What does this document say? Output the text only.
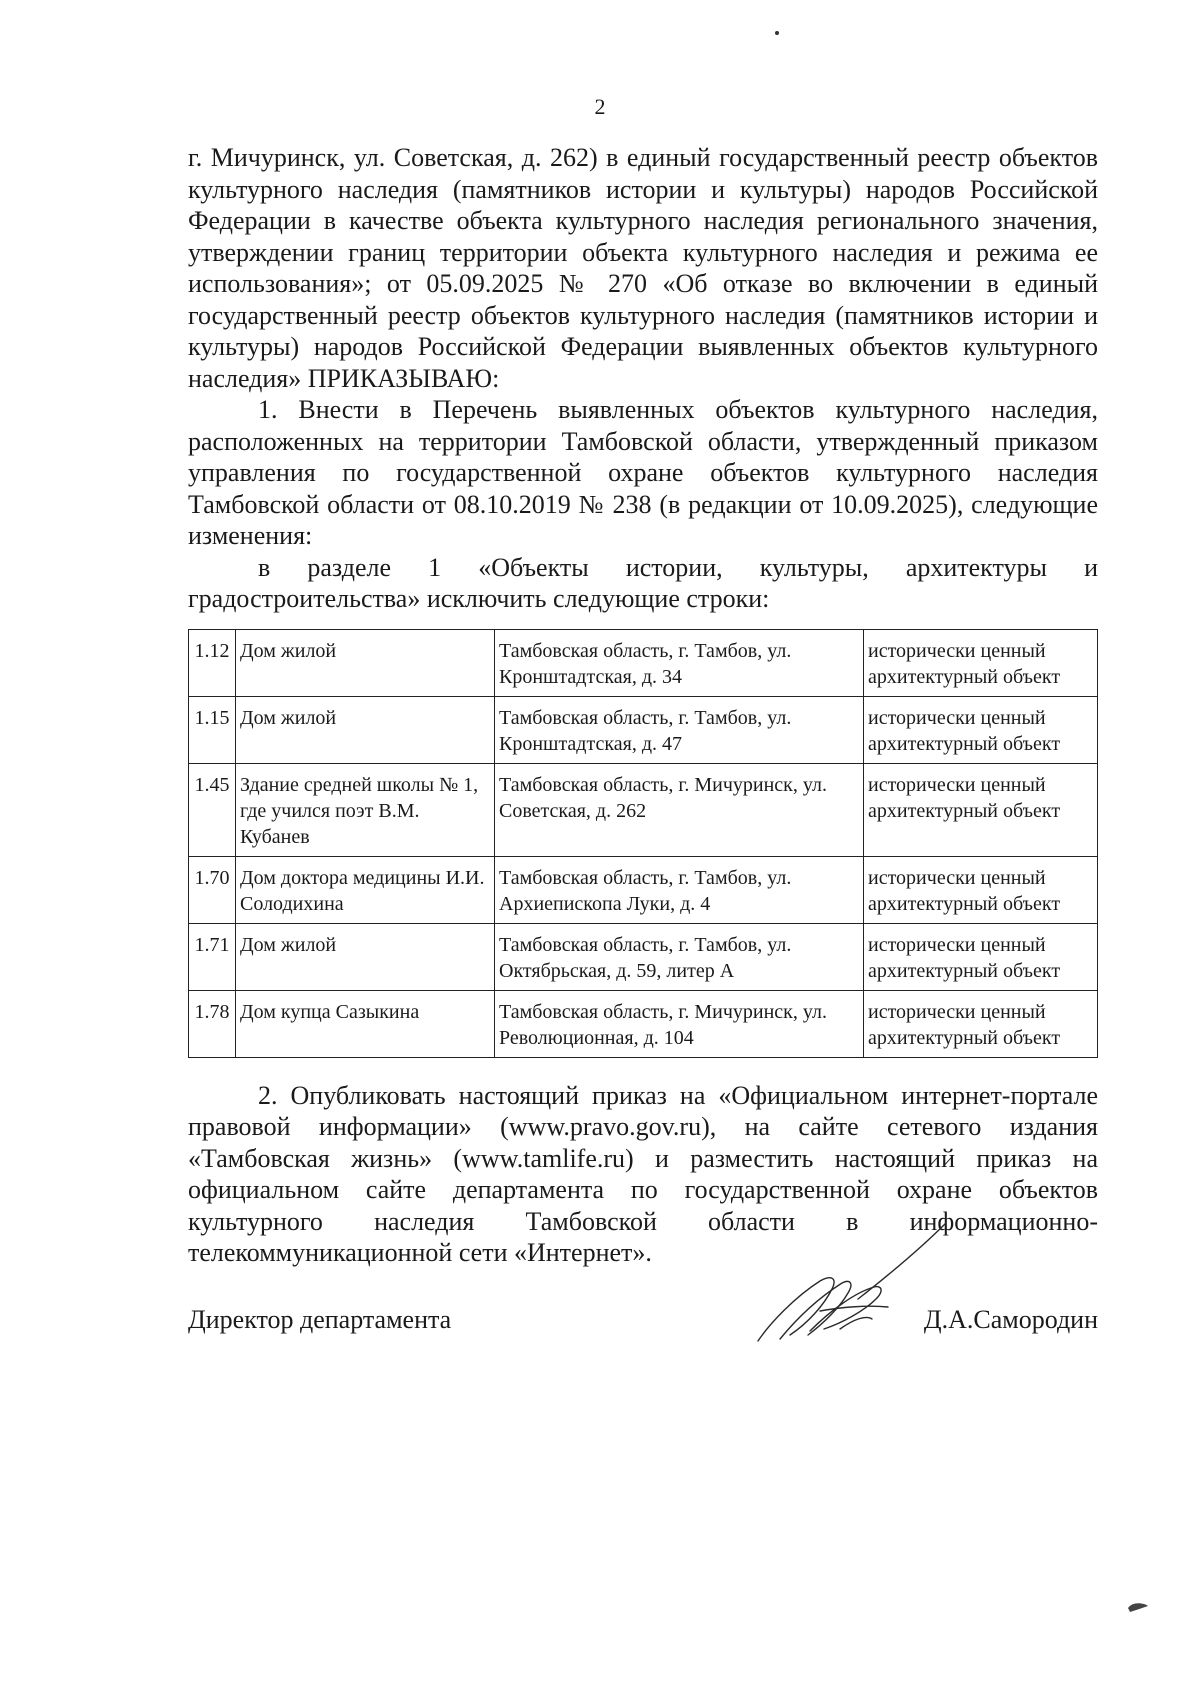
2

г. Мичуринск, ул. Советская, д. 262) в единый государственный реестр объектов культурного наследия (памятников истории и культуры) народов Российской Федерации в качестве объекта культурного наследия регионального значения, утверждении границ территории объекта культурного наследия и режима ее использования»; от 05.09.2025 № 270 «Об отказе во включении в единый государственный реестр объектов культурного наследия (памятников истории и культуры) народов Российской Федерации выявленных объектов культурного наследия» ПРИКАЗЫВАЮ:

1. Внести в Перечень выявленных объектов культурного наследия, расположенных на территории Тамбовской области, утвержденный приказом управления по государственной охране объектов культурного наследия Тамбовской области от 08.10.2019 № 238 (в редакции от 10.09.2025), следующие изменения:

в разделе 1 «Объекты истории, культуры, архитектуры и градостроительства» исключить следующие строки:

1.12	Дом жилой	Тамбовская область, г. Тамбов, ул. Кронштадтская, д. 34	исторически ценный архитектурный объект
1.15	Дом жилой	Тамбовская область, г. Тамбов, ул. Кронштадтская, д. 47	исторически ценный архитектурный объект
1.45	Здание средней школы № 1, где учился поэт В.М. Кубанев	Тамбовская область, г. Мичуринск, ул. Советская, д. 262	исторически ценный архитектурный объект
1.70	Дом доктора медицины И.И. Солодихина	Тамбовская область, г. Тамбов, ул. Архиепископа Луки, д. 4	исторически ценный архитектурный объект
1.71	Дом жилой	Тамбовская область, г. Тамбов, ул. Октябрьская, д. 59, литер А	исторически ценный архитектурный объект
1.78	Дом купца Сазыкина	Тамбовская область, г. Мичуринск, ул. Революционная, д. 104	исторически ценный архитектурный объект

2. Опубликовать настоящий приказ на «Официальном интернет-портале правовой информации» (www.pravo.gov.ru), на сайте сетевого издания «Тамбовская жизнь» (www.tamlife.ru) и разместить настоящий приказ на официальном сайте департамента по государственной охране объектов культурного наследия Тамбовской области в информационно-телекоммуникационной сети «Интернет».

Директор департамента	Д.А.Самородин
